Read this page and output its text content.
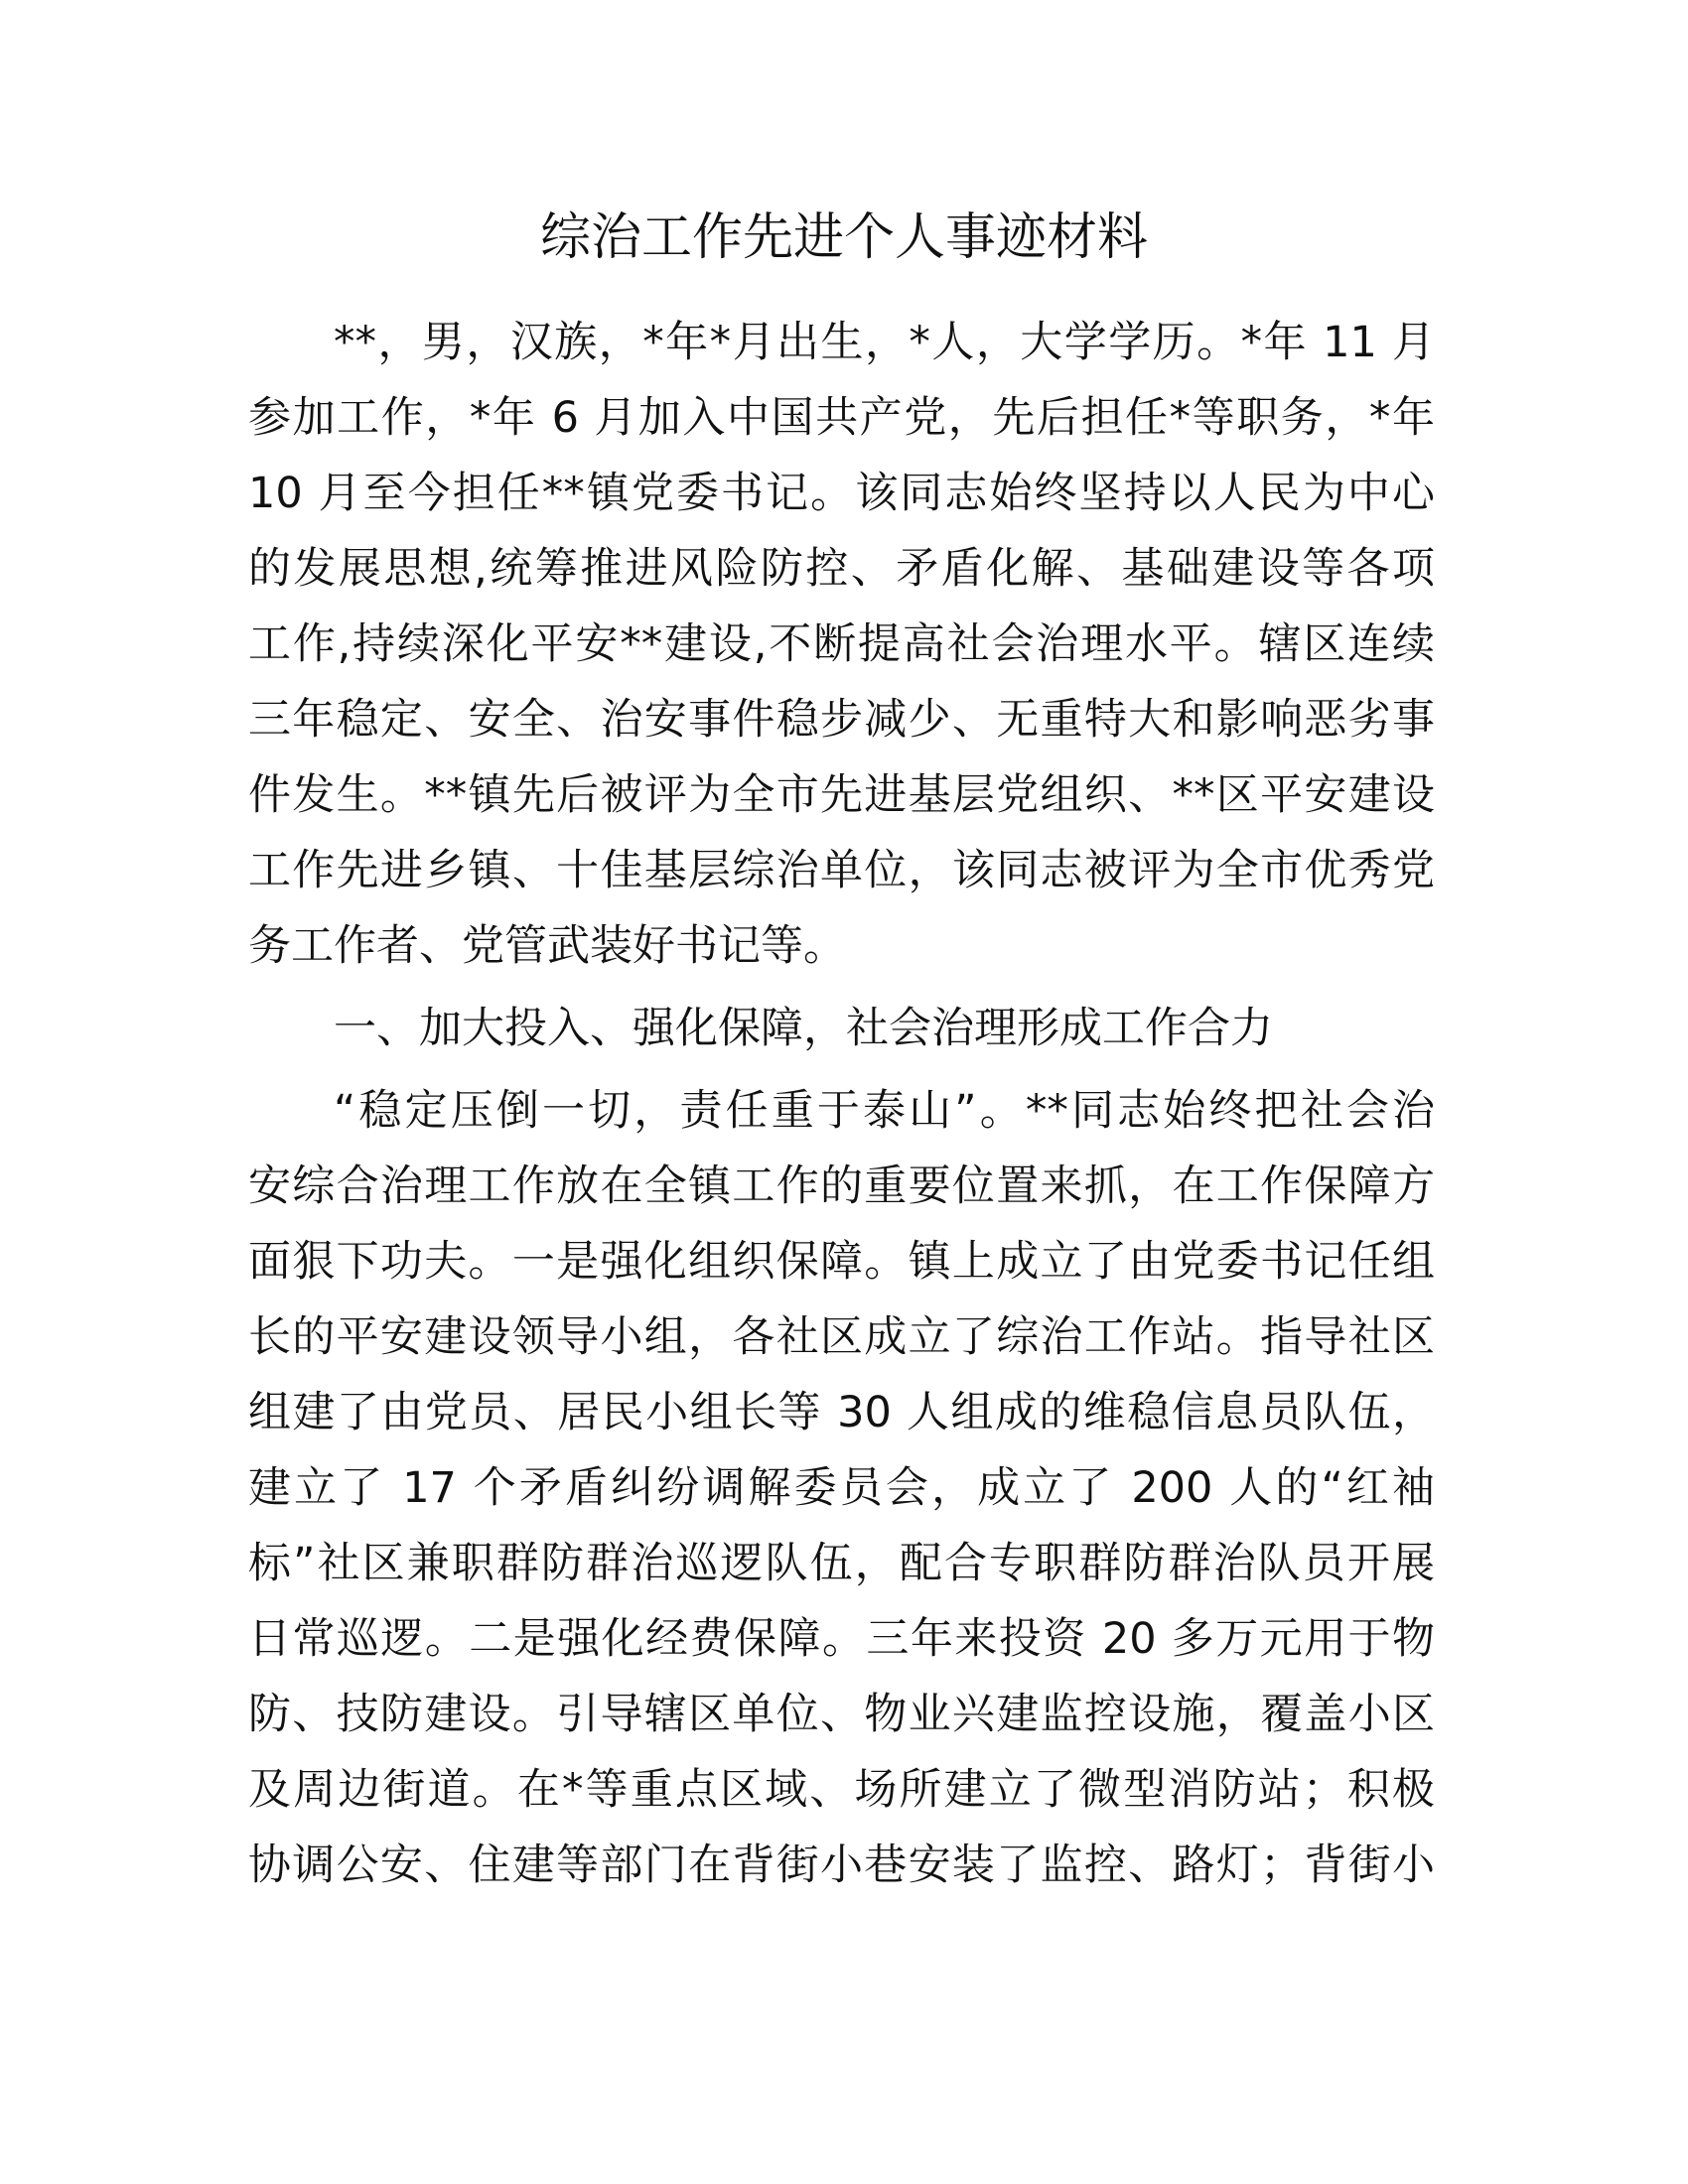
综治工作先进个人事迹材料

**，男，汉族，*年*月出生，*人，大学学历。*年 11 月

参加工作，*年 6 月加入中国共产党，先后担任*等职务，*年

10 月至今担任**镇党委书记。该同志始终坚持以人民为中心

的发展思想,统筹推进风险防控、矛盾化解、基础建设等各项

工作,持续深化平安**建设,不断提高社会治理水平。辖区连续

三年稳定、安全、治安事件稳步减少、无重特大和影响恶劣事

件发生。**镇先后被评为全市先进基层党组织、**区平安建设

工作先进乡镇、十佳基层综治单位，该同志被评为全市优秀党

务工作者、党管武装好书记等。

一、加大投入、强化保障，社会治理形成工作合力

“稳定压倒一切，责任重于泰山”。**同志始终把社会治

安综合治理工作放在全镇工作的重要位置来抓，在工作保障方

面狠下功夫。一是强化组织保障。镇上成立了由党委书记任组

长的平安建设领导小组，各社区成立了综治工作站。指导社区

组建了由党员、居民小组长等 30 人组成的维稳信息员队伍，

建立了 17 个矛盾纠纷调解委员会，成立了 200 人的“红袖

标”社区兼职群防群治巡逻队伍，配合专职群防群治队员开展

日常巡逻。二是强化经费保障。三年来投资 20 多万元用于物

防、技防建设。引导辖区单位、物业兴建监控设施，覆盖小区

及周边街道。在*等重点区域、场所建立了微型消防站；积极

协调公安、住建等部门在背街小巷安装了监控、路灯；背街小
